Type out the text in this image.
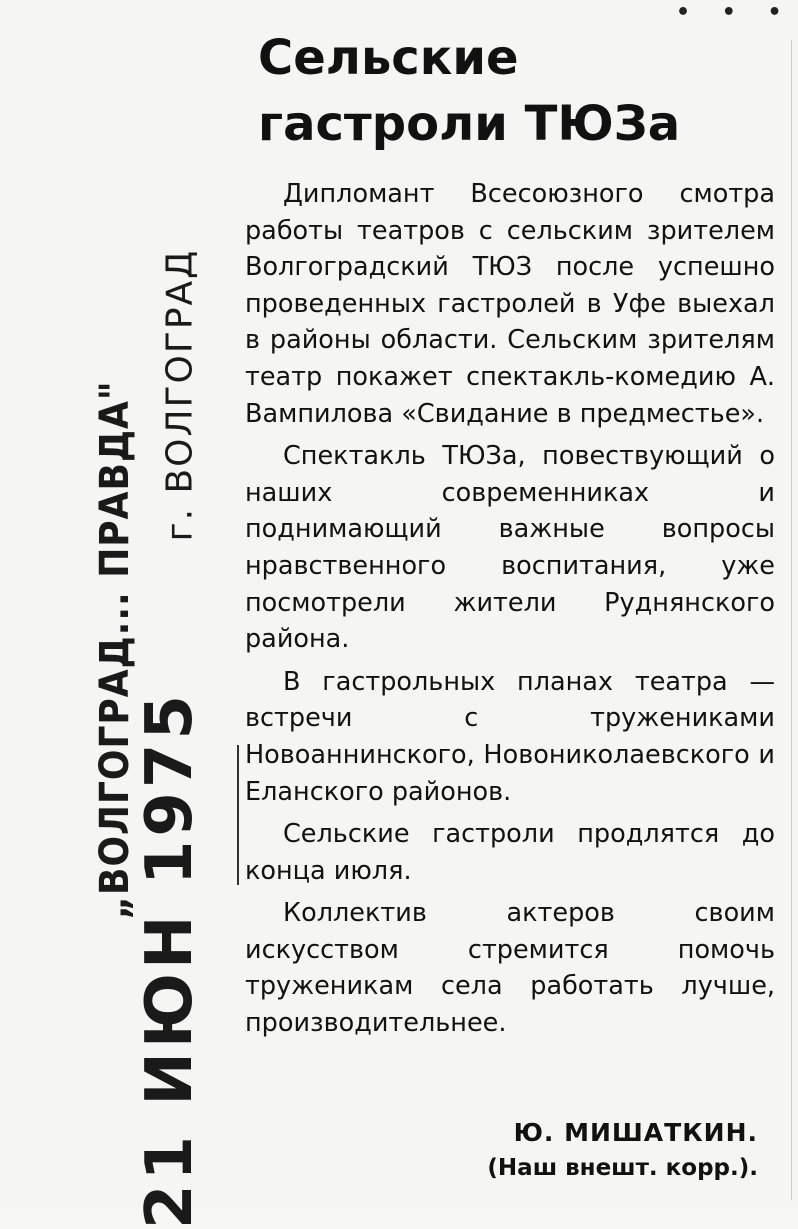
• • •
„ВОЛГОГРАД... ПРАВДА" г. ВОЛГОГРАД
21 ИЮН 1975
Сельские
гастроли ТЮЗа

Дипломант Всесоюзного смотра работы театров с сельским зрителем Волгоградский ТЮЗ после успешно проведенных гастролей в Уфе выехал в районы области. Сельским зрителям театр покажет спектакль-комедию А. Вампилова «Свидание в предместье».

Спектакль ТЮЗа, повествующий о наших современниках и поднимающий важные вопросы нравственного воспитания, уже посмотрели жители Руднянского района.

В гастрольных планах театра — встречи с тружениками Новоаннинского, Новониколаевского и Еланского районов.

Сельские гастроли продлятся до конца июля.

Коллектив актеров своим искусством стремится помочь труженикам села работать лучше, производительнее.

Ю. МИШАТКИН.
(Наш внешт. корр.).
